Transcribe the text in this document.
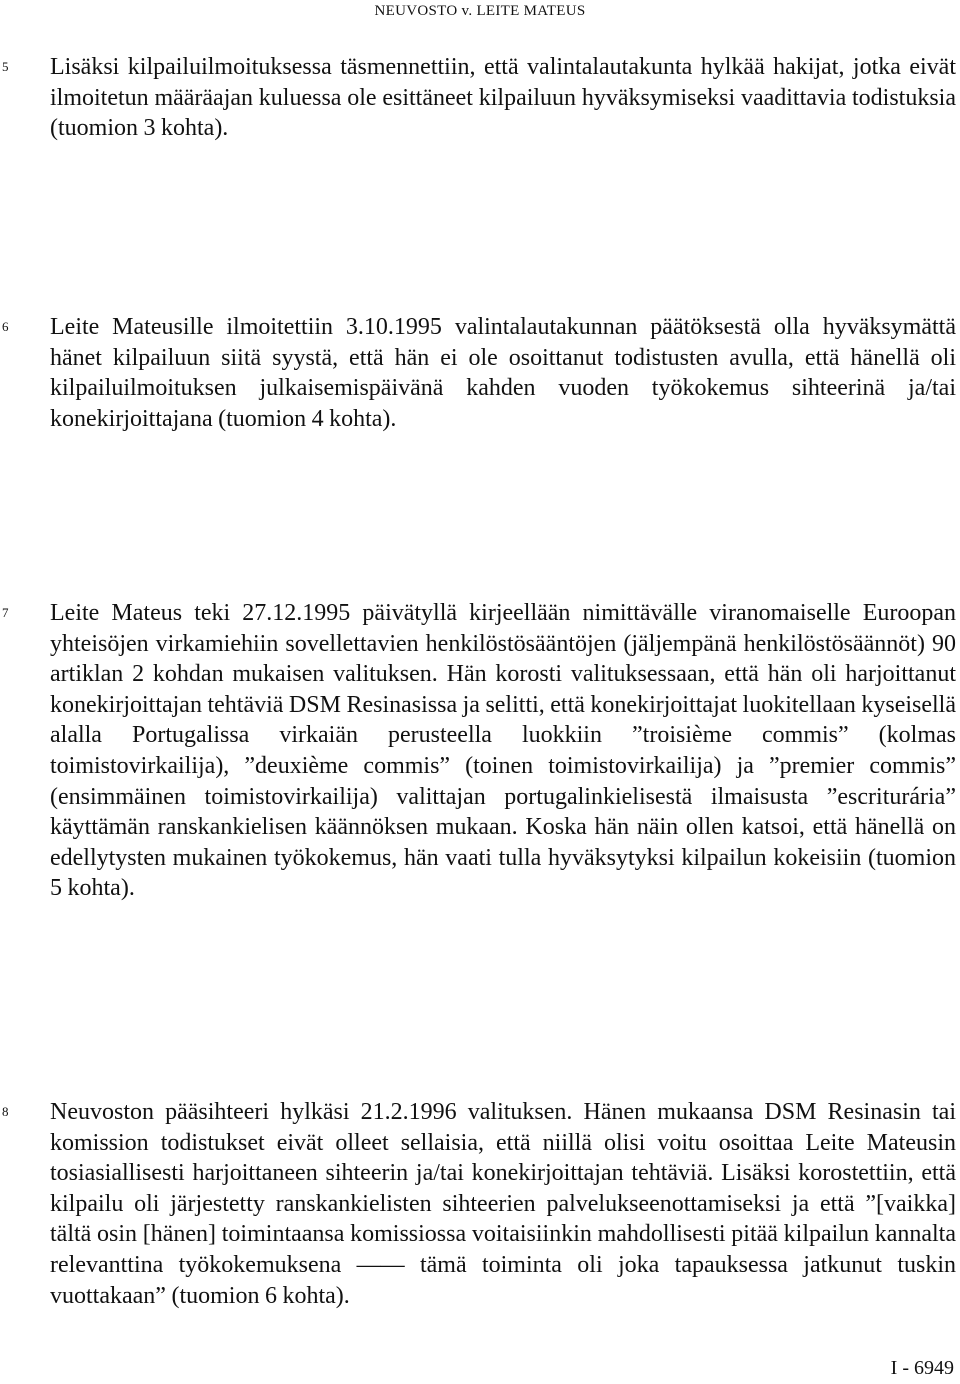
NEUVOSTO v. LEITE MATEUS
5 Lisäksi kilpailuilmoituksessa täsmennettiin, että valintalautakunta hylkää hakijat, jotka eivät ilmoitetun määräajan kuluessa ole esittäneet kilpailuun hyväksymiseksi vaadittavia todistuksia (tuomion 3 kohta).
6 Leite Mateusille ilmoitettiin 3.10.1995 valintalautakunnan päätöksestä olla hyväksymättä hänet kilpailuun siitä syystä, että hän ei ole osoittanut todistusten avulla, että hänellä oli kilpailuilmoituksen julkaisemispäivänä kahden vuoden työkokemus sihteerinä ja/tai konekirjoittajana (tuomion 4 kohta).
7 Leite Mateus teki 27.12.1995 päivätyllä kirjeellään nimittävälle viranomaiselle Euroopan yhteisöjen virkamiehiin sovellettavien henkilöstösääntöjen (jäljempänä henkilöstösäännöt) 90 artiklan 2 kohdan mukaisen valituksen. Hän korosti valituksessaan, että hän oli harjoittanut konekirjoittajan tehtäviä DSM Resinasissa ja selitti, että konekirjoittajat luokitellaan kyseisellä alalla Portugalissa virkaiän perusteella luokkiin ”troisième commis” (kolmas toimistovirkailija), ”deuxième commis” (toinen toimistovirkailija) ja ”premier commis” (ensimmäinen toimistovirkailija) valittajan portugalinkielisestä ilmaisusta ”escriturária” käyttämän ranskankielisen käännöksen mukaan. Koska hän näin ollen katsoi, että hänellä on edellytysten mukainen työkokemus, hän vaati tulla hyväksytyksi kilpailun kokeisiin (tuomion 5 kohta).
8 Neuvoston pääsihteeri hylkäsi 21.2.1996 valituksen. Hänen mukaansa DSM Resinasin tai komission todistukset eivät olleet sellaisia, että niillä olisi voitu osoittaa Leite Mateusin tosiasiallisesti harjoittaneen sihteerin ja/tai konekirjoittajan tehtäviä. Lisäksi korostettiin, että kilpailu oli järjestetty ranskankielisten sihteerien palvelukseenottamiseksi ja että ”[vaikka] tältä osin [hänen] toimintaansa komissiossa voitaisiinkin mahdollisesti pitää kilpailun kannalta relevanttina työkokemuksena —— tämä toiminta oli joka tapauksessa jatkunut tuskin vuottakaan” (tuomion 6 kohta).
I - 6949
